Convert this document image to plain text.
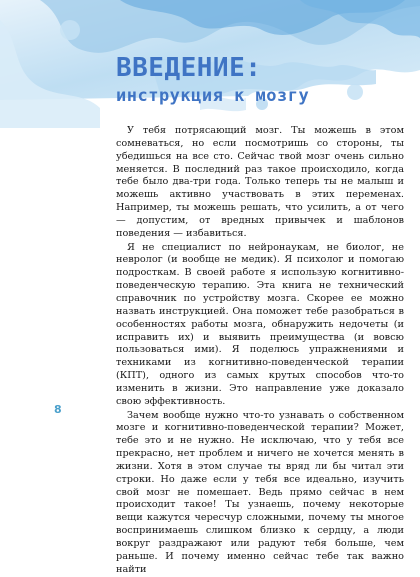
ВВЕДЕНИЕ:
инструкция к мозгу

У тебя потрясающий мозг. Ты можешь в этом сомневаться, но если посмотришь со стороны, ты убедишься на все сто. Сейчас твой мозг очень сильно меняется. В последний раз такое происходило, когда тебе было два-три года. Только теперь ты не малыш и можешь активно участвовать в этих переменах. Например, ты можешь решать, что усилить, а от чего — допустим, от вредных привычек и шаблонов поведения — избавиться.

Я не специалист по нейронаукам, не биолог, не невролог (и вообще не медик). Я психолог и помогаю подросткам. В своей работе я использую когнитивно-поведенческую терапию. Эта книга не технический справочник по устройству мозга. Скорее ее можно назвать инструкцией. Она поможет тебе разобраться в особенностях работы мозга, обнаружить недочеты (и исправить их) и выявить преимущества (и вовсю пользоваться ими). Я поделюсь упражнениями и техниками из когнитивно-поведенческой терапии (КПТ), одного из самых крутых способов что-то изменить в жизни. Это направление уже доказало свою эффективность.

Зачем вообще нужно что-то узнавать о собственном мозге и когнитивно-поведенческой терапии? Может, тебе это и не нужно. Не исключаю, что у тебя все прекрасно, нет проблем и ничего не хочется менять в жизни. Хотя в этом случае ты вряд ли бы читал эти строки. Но даже если у тебя все идеально, изучить свой мозг не помешает. Ведь прямо сейчас в нем происходит такое! Ты узнаешь, почему некоторые вещи кажутся чересчур сложными, почему ты многое воспринимаешь слишком близко к сердцу, а люди вокруг раздражают или радуют тебя больше, чем раньше. И почему именно сейчас тебе так важно найти

8
